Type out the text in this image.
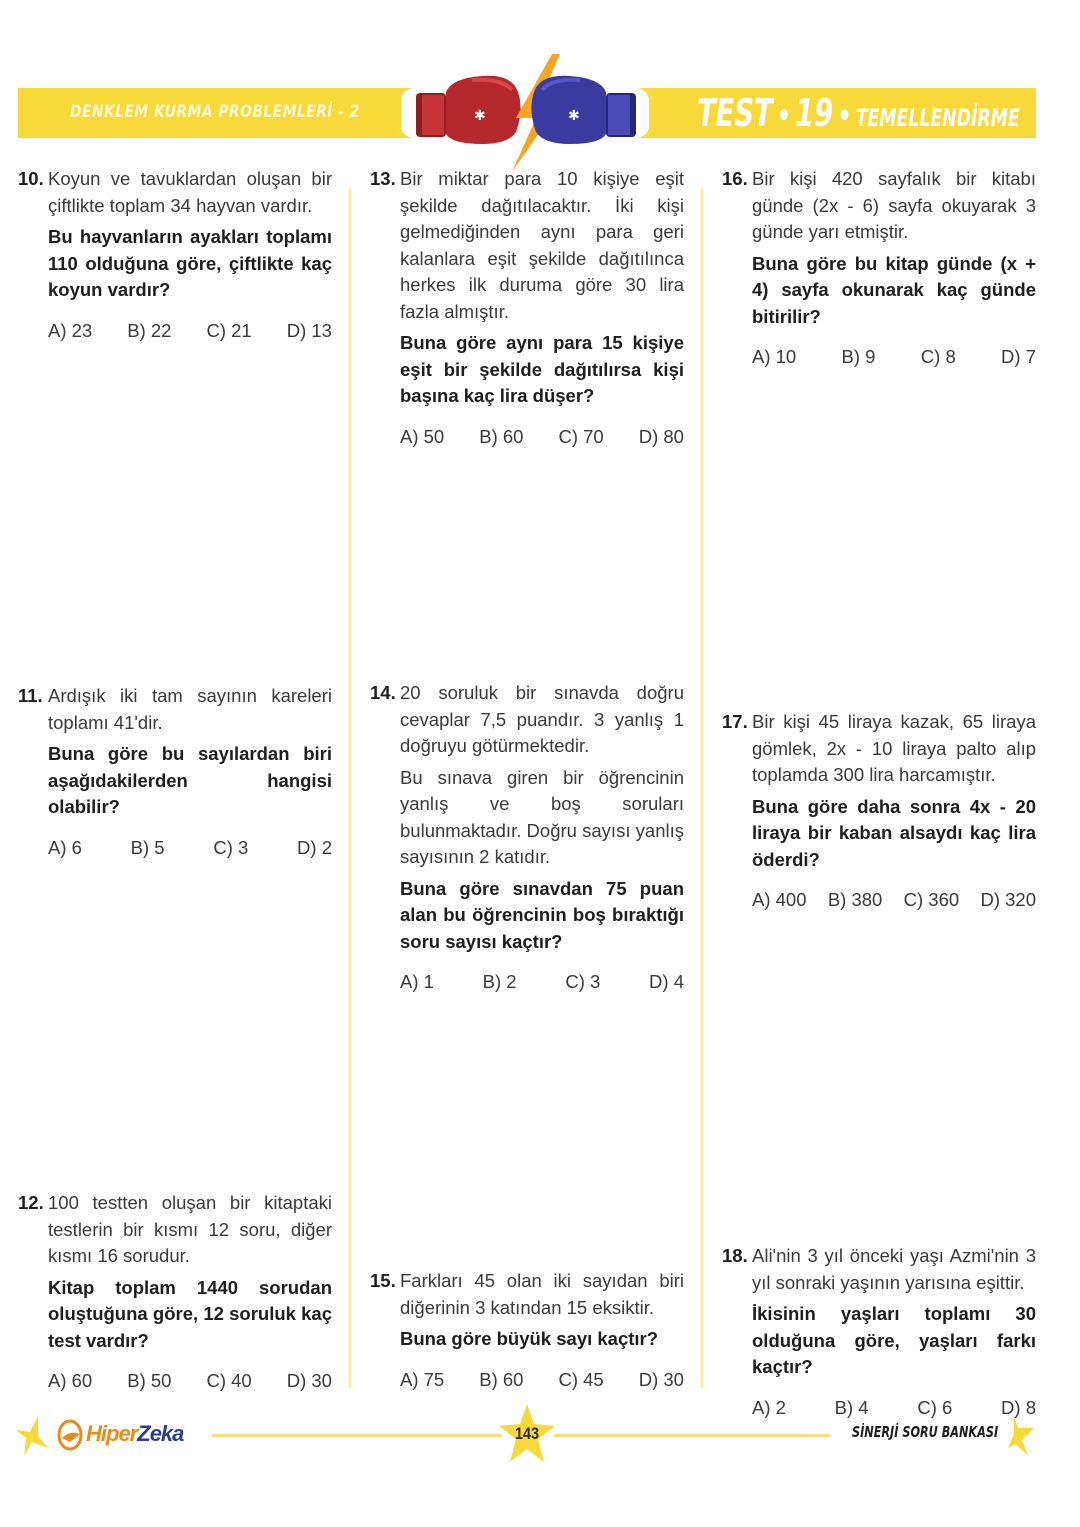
DENKLEM KURMA PROBLEMLERİ - 2	TEST • 19 • TEMELLENDİRME
✱	✱
10. Koyun ve tavuklardan oluşan bir çiftlikte toplam 34 hayvan vardır.

Bu hayvanların ayakları toplamı 110 olduğuna göre, çiftlikte kaç koyun vardır?

A) 23 B) 22 C) 21 D) 13
11. Ardışık iki tam sayının kareleri toplamı 41'dir.

Buna göre bu sayılardan biri aşağıdakilerden hangisi olabilir?

A) 6	B) 5	C) 3	D) 2
12. 100 testten oluşan bir kitaptaki testlerin bir kısmı 12 soru, diğer kısmı 16 sorudur.

Kitap toplam 1440 sorudan oluştuğuna göre, 12 soruluk kaç test vardır?

A) 60 B) 50 C) 40 D) 30
13. Bir miktar para 10 kişiye eşit şekilde dağıtılacaktır. İki kişi gelmediğinden aynı para geri kalanlara eşit şekilde dağıtılınca herkes ilk duruma göre 30 lira fazla almıştır.

Buna göre aynı para 15 kişiye eşit bir şekilde dağıtılırsa kişi başına kaç lira düşer?

A) 50 B) 60 C) 70 D) 80
14. 20 soruluk bir sınavda doğru cevaplar 7,5 puandır. 3 yanlış 1 doğruyu götürmektedir.

Bu sınava giren bir öğrencinin yanlış ve boş soruları bulunmaktadır. Doğru sayısı yanlış sayısının 2 katıdır.

Buna göre sınavdan 75 puan alan bu öğrencinin boş bıraktığı soru sayısı kaçtır?

A) 1	B) 2	C) 3	D) 4
15. Farkları 45 olan iki sayıdan biri diğerinin 3 katından 15 eksiktir.

Buna göre büyük sayı kaçtır?

A) 75 B) 60 C) 45 D) 30
16. Bir kişi 420 sayfalık bir kitabı günde (2x - 6) sayfa okuyarak 3 günde yarı etmiştir.

Buna göre bu kitap günde (x + 4) sayfa okunarak kaç günde bitirilir?

A) 10 B) 9 C) 8 D) 7
17. Bir kişi 45 liraya kazak, 65 liraya gömlek, 2x - 10 liraya palto alıp toplamda 300 lira harcamıştır.

Buna göre daha sonra 4x - 20 liraya bir kaban alsaydı kaç lira öderdi?

A) 400 B) 380 C) 360 D) 320
18. Ali'nin 3 yıl önceki yaşı Azmi'nin 3 yıl sonraki yaşının yarısına eşittir.

İkisinin yaşları toplamı 30 olduğuna göre, yaşları farkı kaçtır?

A) 2	B) 4	C) 6	D) 8
HiperZeka	143	SİNERJİ SORU BANKASI
